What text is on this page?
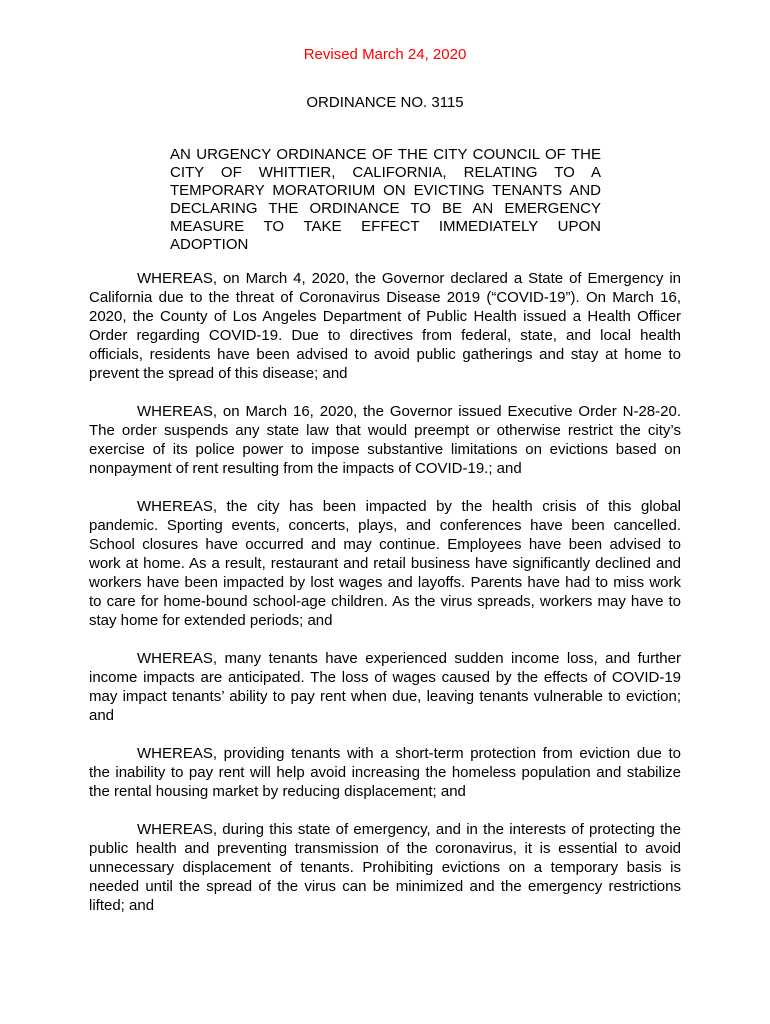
Revised March 24, 2020
ORDINANCE NO. 3115

AN URGENCY ORDINANCE OF THE CITY COUNCIL OF THE CITY OF WHITTIER, CALIFORNIA, RELATING TO A TEMPORARY MORATORIUM ON EVICTING TENANTS AND DECLARING THE ORDINANCE TO BE AN EMERGENCY MEASURE TO TAKE EFFECT IMMEDIATELY UPON ADOPTION

WHEREAS, on March 4, 2020, the Governor declared a State of Emergency in California due to the threat of Coronavirus Disease 2019 (“COVID-19”). On March 16, 2020, the County of Los Angeles Department of Public Health issued a Health Officer Order regarding COVID-19. Due to directives from federal, state, and local health officials, residents have been advised to avoid public gatherings and stay at home to prevent the spread of this disease; and

WHEREAS, on March 16, 2020, the Governor issued Executive Order N-28-20. The order suspends any state law that would preempt or otherwise restrict the city’s exercise of its police power to impose substantive limitations on evictions based on nonpayment of rent resulting from the impacts of COVID-19.; and

WHEREAS, the city has been impacted by the health crisis of this global pandemic. Sporting events, concerts, plays, and conferences have been cancelled. School closures have occurred and may continue. Employees have been advised to work at home. As a result, restaurant and retail business have significantly declined and workers have been impacted by lost wages and layoffs. Parents have had to miss work to care for home-bound school-age children. As the virus spreads, workers may have to stay home for extended periods; and

WHEREAS, many tenants have experienced sudden income loss, and further income impacts are anticipated. The loss of wages caused by the effects of COVID-19 may impact tenants’ ability to pay rent when due, leaving tenants vulnerable to eviction; and

WHEREAS, providing tenants with a short-term protection from eviction due to the inability to pay rent will help avoid increasing the homeless population and stabilize the rental housing market by reducing displacement; and

WHEREAS, during this state of emergency, and in the interests of protecting the public health and preventing transmission of the coronavirus, it is essential to avoid unnecessary displacement of tenants. Prohibiting evictions on a temporary basis is needed until the spread of the virus can be minimized and the emergency restrictions lifted; and
